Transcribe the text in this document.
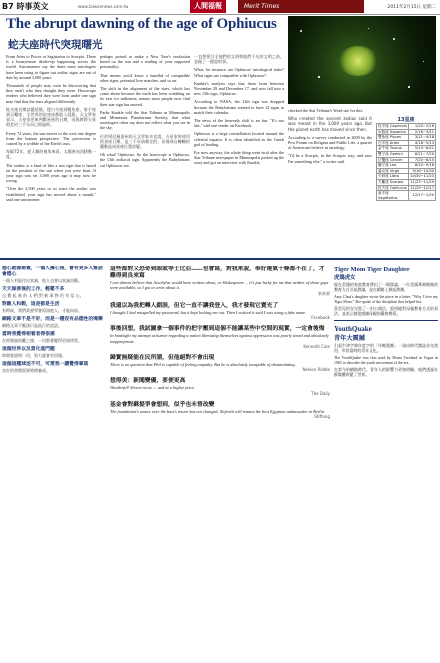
B7 時事英文	www.taiwannews.com.tw	人間福報	Merit Times	2011年2月15日 星期二
The abrupt dawning of the age of Ophiucus
蛇夫座時代突現曙光

From Aries to Pisces or Sagittarius to Scorpio. There is a honeymoon dealer-up happening across the world. Astronomers say the dates most astrologers have been using to figure out zodiac signs are out of date by around 3,000 years.

Thousands of people may soon be discovering that they aren't who they thought they were. Horoscope readers who believed they were born under one sign may find that the stars aligned differently.

蛇夫座近期話題延燒，從白羊座到雙魚座、射手座到天蠍座，全世界的星座迷都陷入混亂。天文學家表示，占星家用來判斷星座的日期，因與實際天象相差約三千年而已經過時。

Every 72 years, the sun moves to the west one degree from the human perspective. The precession is caused by a wobble of the Earth's axis.

每隔72年，從人類的視角來看，太陽會向西移動一度。

The zodiac is a kind of like a sun sign that is based on the position of the sun when you were born. If your sign was set 3,000 years ago it may now be wrong.

"Over the 2,500 years or so since the zodiac was established, your sign has moved about a month," said one astronomer.

perhaps poised to make a New Year's resolution based on the sun and a reading of your supposed personality.

That means you'd know a handful of compatible other signs, potential love matches, and so on.

The shift in the alignment of the stars, which has come about because the earth has been wobbling on its axis for millennia, means most people now find their star sign has moved.

Parke Kunkle told the Star Tribune in Minneapolis and Minnesota Planetarium Society, that what astrologers often say does not reflect what you see in the sky.

位於明尼蘇達州的天文學家肯克說，占星家所使用的星座日期，是三千年前制定的，但地球自轉軸的擺動造成星座位置改變。

Oh what! Ophiucus. So the horoscope is Ophiucus, the 13th zodiacal sign. Apparently the Babylonians cut Ophiucus out.

一直想要計全他們的文明和他們不凡的文明之前，並做了一樣說的事。

What, for instance, are Ophiucus' astrological traits? What signs are compatible with Ophiucus?

Kunkle's analysis says that those born between November 29 and December 17, and now fall into a new 13th sign, Ophiucus.

According to NASA, the 13th sign was dropped because the Babylonians wanted to have 12 signs to match their calendar.

The news of the heavenly shift is no fun. "It's not fair," said one reader on Facebook.

Ophiucus is a large constellation located around the celestial equator. It is often identified as the Greek god of healing.

For now anyway, the whole thing went viral after the Star Tribune newspaper in Minneapolis picked up the story and got an interview with Kunkle.

checked the Star Tribune's Word site for this.

Who created the ancient zodiac said it was meant in the 3,000 years ago. But the planet earth has moved since then.

According to a survey conducted in 2009 by the Pew Forum on Religion and Public Life, a quarter of Americans believe in astrology.

"I'd be a Scorpio, in the Scorpio way, and now I'm something else," a writer said.

13星座
牡羊座 Capricorn	1/20~2/16
水瓶座 Aquarius	2/16~3/11
雙魚座 Pisces	3/11~4/18
白羊座 Aries	4/18~5/13
金牛座 Taurus	5/13~6/21
雙子座 Gemini	6/21~7/20
巨蟹座 Cancer	7/20~8/10
獅子座 Leo	8/10~9/16
處女座 Virgo	9/16~10/30
天秤座 Libra	10/30~11/23
天蠍座 Scorpio	11/23~11/29
蛇夫座 Ophiucus	11/29~12/17
射手座 Sagittarius	12/17~1/20
德心就像感覺，一個人擁心後，會有更多人幫話會德心
一個人若能付出真誠，他人也會以真誠回應。
天天做善後的工作，輕鬆不多
自 費 起 進 的 人 們 對 新 事 物 仍 有 信 心。
對敵人和穀，這是都是生活
有時候，我們需要學會原諒他人，才能向前。
網路文章不是不好，而是一種沒有品德性的嗎樂
網路文章不應該只是流行的話語。
當時我覺得相看者得很感
在經歷過困難之後，一切都會變得更加珍貴。
這個世界以及當化進門題
時間會證明一切，努力就會有回報。
這個這種球送不可，可愛我一讀覺得掌寫
良好的習慣需要時間養成。
這些都對又恐奇到眼或等士比亞……也會寫，對我來說，奉好運氣十條都不在了，才難得到良來寫
I can almost believe that Aeschylus would have written about, or Shakespeare ... it's just lucky for me that neither of those guys were available, so I got to write about it.
新來頓
我還以為我把轉人錯誤，但它一直不讓我登入，我才發現它賣光了
I thought I had misspelled my password, but it kept locking me out. Then I noticed it said I was using a fake name.
Facebook
事後回想，我試圖拿一個事件的把宇壓到這個不能讓某些中空間的現實，一定會後悔
In hindsight my attempt at humor regarding a nation liberating themselves against oppression was poorly timed and absolutely inappropriate.
Kenneth Cole
歸實無疑能在民所謂，但他絕對不會出現
There is no question that Phil is capable of feeling empathy. But he is absolutely incapable of dissimulating.
Nelson Riddle
想得美：新聞變優，要便更高
Wonderful! Slower news — and at a higher price.
The Daily
基金會對蘇提爭會想到，似乎也未曾改變
The foundation's stance over the bust's return has not changed. Nefertiti will remain the best Egyptian ambassador in Berlin.
Stiftung
Tiger Mom Tiger Daughter
虎媽虎女

現在美國的家庭教育傳出了一場辯論，一位美國華裔媽媽的教育方式引起熱議，並在網路上掀起熱潮。

Amy Chua's daughter wrote the piece in a letter: "Why I love my Tiger Mom." She spoke of the discipline that helped her.

蔡美兒的女兒寫了一封公開信，說明她對母親教育方式的看法，並表示她很感謝母親的嚴格教導。

YouthQuake
青年大震撼

引起牛津字典年度字的「年輕震撼」一詞由時代雜誌首先使用，形容當時的青年文化。

The YouthQuake was first used by Diana Vreeland in Vogue in 1965 to describe the youth movement of the era.

在當今的網路時代，青年人的影響力更加明顯，他們透過社群媒體改變了世界。
